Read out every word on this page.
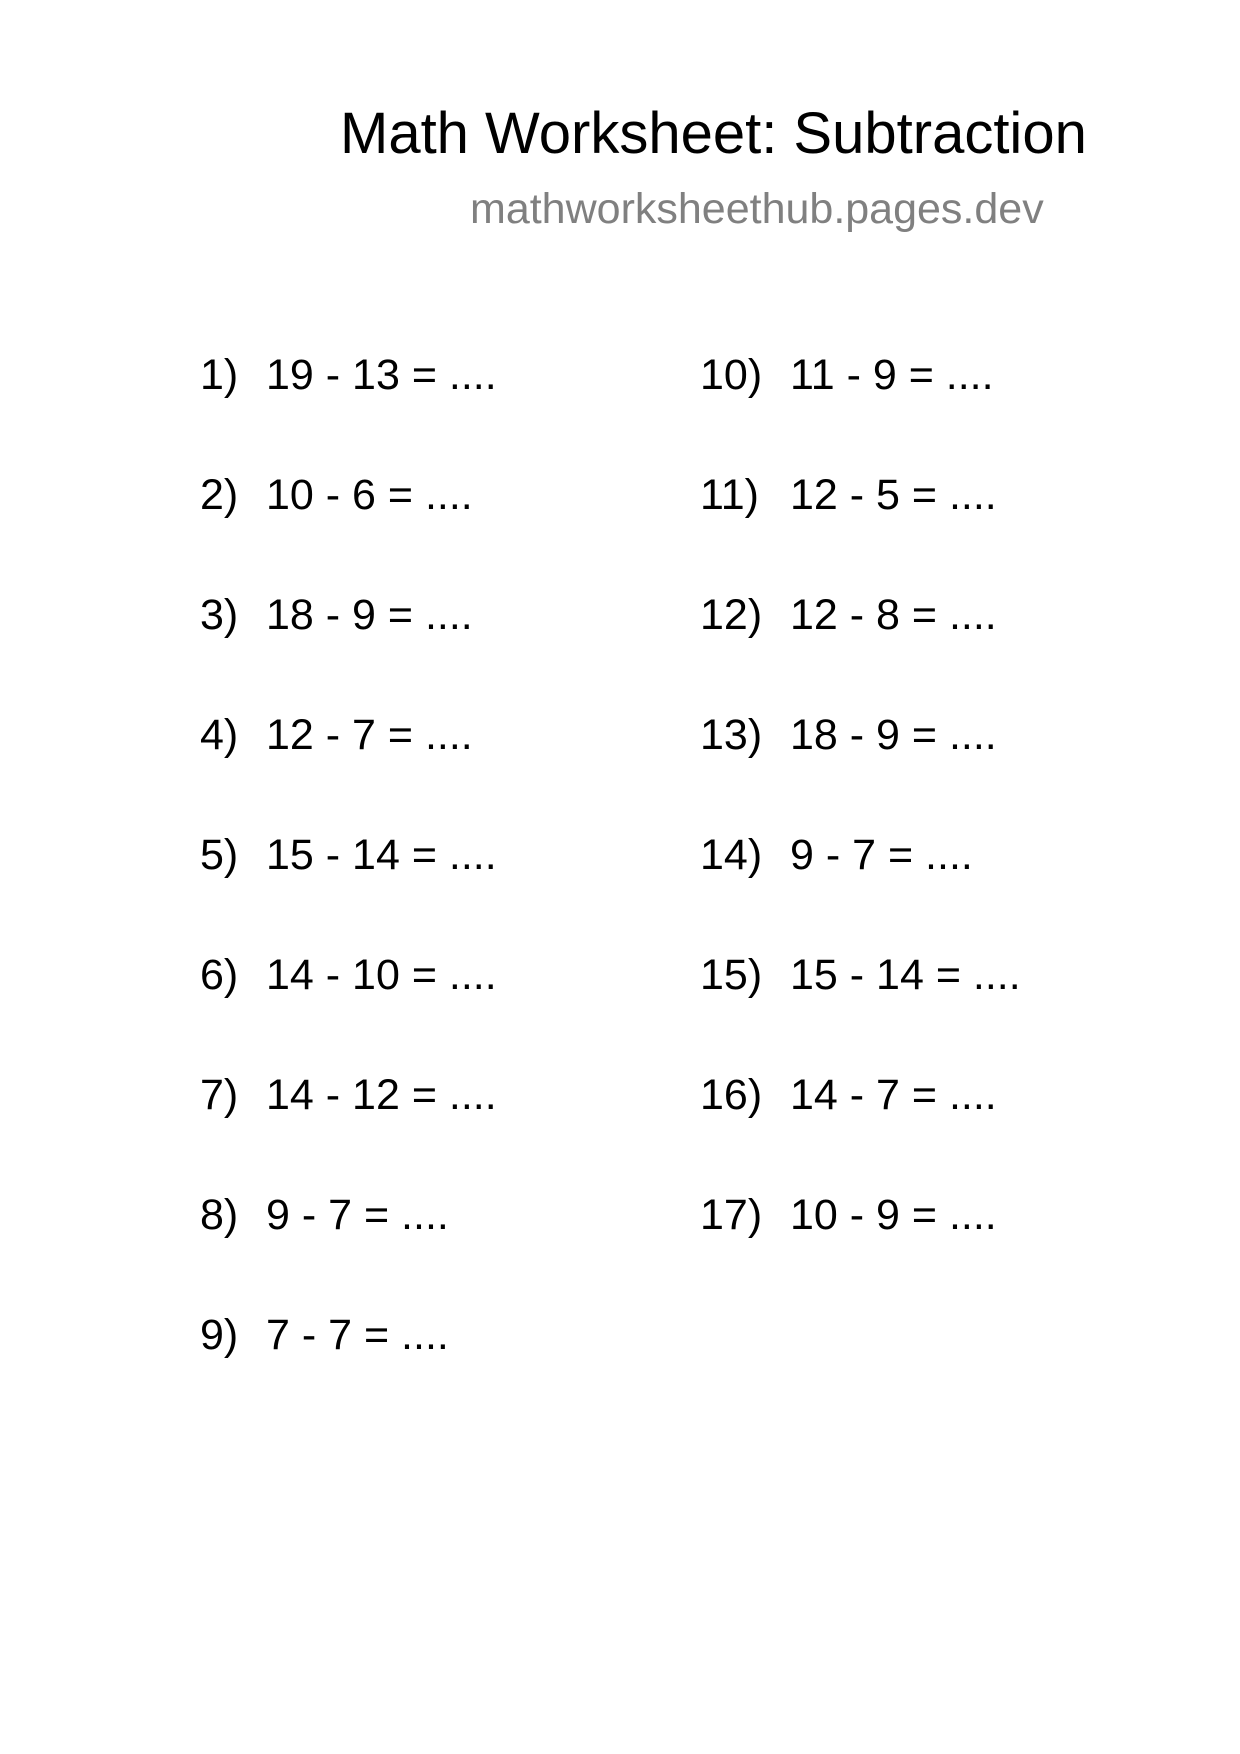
Math Worksheet: Subtraction
mathworksheethub.pages.dev
1) 19 - 13 = ....
2) 10 - 6 = ....
3) 18 - 9 = ....
4) 12 - 7 = ....
5) 15 - 14 = ....
6) 14 - 10 = ....
7) 14 - 12 = ....
8) 9 - 7 = ....
9) 7 - 7 = ....
10) 11 - 9 = ....
11) 12 - 5 = ....
12) 12 - 8 = ....
13) 18 - 9 = ....
14) 9 - 7 = ....
15) 15 - 14 = ....
16) 14 - 7 = ....
17) 10 - 9 = ....
